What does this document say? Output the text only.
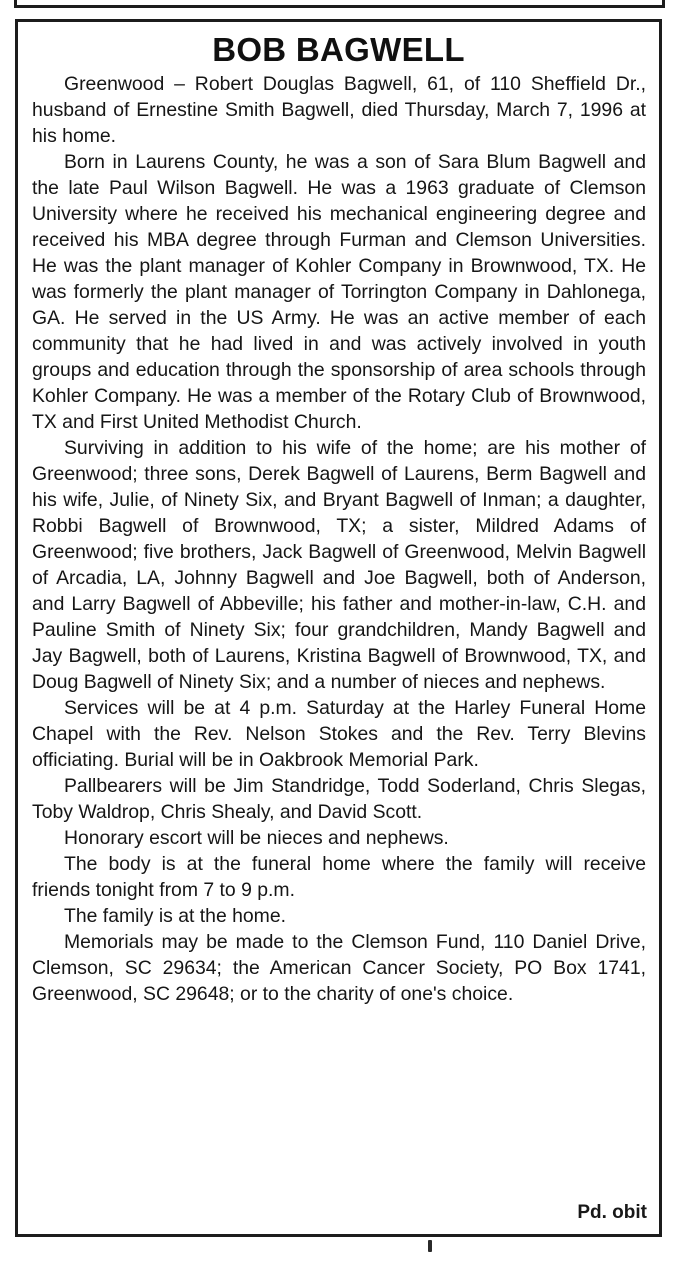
BOB BAGWELL

Greenwood – Robert Douglas Bagwell, 61, of 110 Sheffield Dr., husband of Ernestine Smith Bagwell, died Thursday, March 7, 1996 at his home.

Born in Laurens County, he was a son of Sara Blum Bagwell and the late Paul Wilson Bagwell. He was a 1963 graduate of Clemson University where he received his mechanical engineering degree and received his MBA degree through Furman and Clemson Universities. He was the plant manager of Kohler Company in Brownwood, TX. He was formerly the plant manager of Torrington Company in Dahlonega, GA. He served in the US Army. He was an active member of each community that he had lived in and was actively involved in youth groups and education through the sponsorship of area schools through Kohler Company. He was a member of the Rotary Club of Brownwood, TX and First United Methodist Church.

Surviving in addition to his wife of the home; are his mother of Greenwood; three sons, Derek Bagwell of Laurens, Berm Bagwell and his wife, Julie, of Ninety Six, and Bryant Bagwell of Inman; a daughter, Robbi Bagwell of Brownwood, TX; a sister, Mildred Adams of Greenwood; five brothers, Jack Bagwell of Greenwood, Melvin Bagwell of Arcadia, LA, Johnny Bagwell and Joe Bagwell, both of Anderson, and Larry Bagwell of Abbeville; his father and mother-in-law, C.H. and Pauline Smith of Ninety Six; four grandchildren, Mandy Bagwell and Jay Bagwell, both of Laurens, Kristina Bagwell of Brownwood, TX, and Doug Bagwell of Ninety Six; and a number of nieces and nephews.

Services will be at 4 p.m. Saturday at the Harley Funeral Home Chapel with the Rev. Nelson Stokes and the Rev. Terry Blevins officiating. Burial will be in Oakbrook Memorial Park.

Pallbearers will be Jim Standridge, Todd Soderland, Chris Slegas, Toby Waldrop, Chris Shealy, and David Scott.

Honorary escort will be nieces and nephews.

The body is at the funeral home where the family will receive friends tonight from 7 to 9 p.m.

The family is at the home.

Memorials may be made to the Clemson Fund, 110 Daniel Drive, Clemson, SC 29634; the American Cancer Society, PO Box 1741, Greenwood, SC 29648; or to the charity of one's choice.

Pd. obit
